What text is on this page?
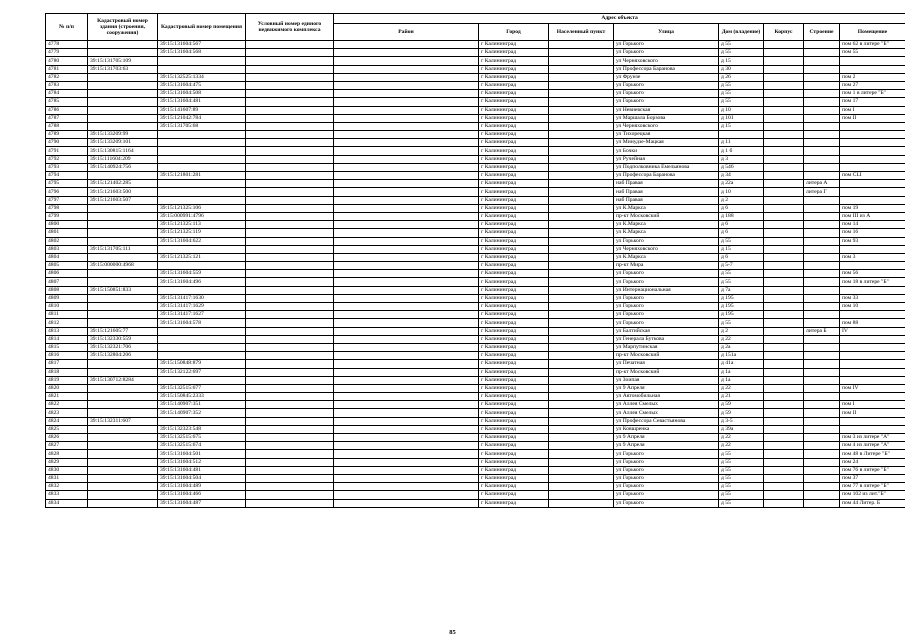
№ п/п	Кадастровый номер здания (строения, сооружения)	Кадастровый номер помещения	Условный номер единого недвижимого комплекса	Адрес объекта							
				Район	Город	Населенный пункт	Улица	Дом (владение)	Корпус	Строение	Помещение
4778		39:15:131604:567			г Калининград		ул Горького	д 55			пом 62 в литере "Б"
4779		39:15:131604:568			г Калининград		ул Горького	д 55			пом 55
4780	39:15:131705:109				г Калининград		ул Черняховского	д 15			
4781	39:15:131703:63				г Калининград		ул Профессора Баранова	д 30			
4782		39:15:132525:1334			г Калининград		ул Фрунзе	д 26			пом 2
4783		39:15:131604:475			г Калининград		ул Горького	д 55			пом 27
4784		39:15:131604:508			г Калининград		ул Горького	д 55			пом 1 в литере "Б"
4785		39:15:131604:481			г Калининград		ул Горького	д 55			пом 17
4786		39:15:141607:89			г Калининград		ул Невиевская	д 10			пом I
4787		39:15:121042:784			г Калининград		ул Маршала Борзова	д 101			пом II
4788		39:15:131705:68			г Калининград		ул Черняховского	д 15			
4789	39:15:133209:99				г Калининград		ул Тихорецкая				
4790	39:15:133209:101				г Калининград		ул Минудзе-Мацкая	д 11			
4791	39:15:130815:1164				г Калининград		ул Бочки	д 1 б			
4792	39:15:111604:209				г Калининград		ул Ручейная	д 3			
4793	39:15:140924:756				г Калининград		ул Подполковника Емельянова	д 546			
4794		39:15:121801:281			г Калининград		ул Профессора Баранова	д 34			пом CLI
4795	39:15:121402:285				г Калининград		наб Правая	д 22а		литера А	
4796	39:15:121603:500				г Калининград		наб Правая	д 10		литера Г	
4797	39:15:121603:507				г Калининград		наб Правая	д 2			
4798		39:15:121325:106			г Калининград		ул К.Маркса	д 6			пом 19
4799		39:15:000991:4796			г Калининград		пр-кт Московский	д 188			пом III из А
4800		39:15:121325:113			г Калининград		ул К.Маркса	д 6			пом 14
4801		39:15:121325:119			г Калининград		ул К.Маркса	д 6			пом 16
4802		39:15:131604:622			г Калининград		ул Горького	д 55			пом 93
4803	39:15:131705:111				г Калининград		ул Черняховского	д 15			
4804		39:15:121325:121			г Калининград		ул К.Маркса	д 6			пом 3
4805	39:15:000000:4968				г Калининград		пр-кт Мира	д 5-7			
4806		39:15:131604:559			г Калининград		ул Горького	д 55			пом 56
4807		39:15:131604:496			г Калининград		ул Горького	д 55			пом 18 в литере "Б"
4808	39:15:150851:833				г Калининград		ул Интернациональная	д 7а			
4809		39:15:131417:1630			г Калининград		ул Горького	д 195			пом 33
4810		39:15:131417:1629			г Калининград		ул Горького	д 195			пом 10
4811		39:15:131417:1627			г Калининград		ул Горького	д 195			
4812		39:15:131604:578			г Калининград		ул Горького	д 55			пом 88
4813	39:15:121605:77				г Калининград		ул Балтийская	д 2		литера Б	IV
4814	39:15:132330:559				г Калининград		ул Генерала Буткова	д 22			
4815	39:15:132321:706				г Калининград		ул Марпутинская	д 2а			
4816	39:15:132804:206				г Калининград		пр-кт Московский	д 151а			
4817		39:15:150848:879			г Калининград		ул Печатная	д 41а			
4818		39:15:132122:697			г Калининград		пр-кт Московский	д 1а			
4819	39:15:130712:8284				г Калининград		ул Зоипая	д 1а			
4820		39:15:132515:677			г Калининград		ул 9 Апреля	д 22			пом IV
4821		39:15:150845:2333			г Калининград		ул Автомобильная	д 21			
4822		39:15:140907:351			г Калининград		ул Аллея Смелых	д 59			пом I
4823		39:15:140907:352			г Калининград		ул Аллея Смелых	д 59			пом II
4824	39:15:132311:607				г Калининград		ул Профессора Севастьянова	д 3-5			
4825		39:15:132323:548			г Калининград		ул Ковшренка	д 39а			
4826		39:15:132515:675			г Калининград		ул 9 Апреля	д 22			пом 3 из литере "А"
4827		39:15:132515:674			г Калининград		ул 9 Апреля	д 22			пом 4 из литере "А"
4828		39:15:131604:501			г Калининград		ул Горького	д 55			пом 48 в Литере "Б"
4829		39:15:131604:512			г Калининград		ул Горького	д 55			пом 24
4830		39:15:131604:481			г Калининград		ул Горького	д 55			пом 76 в литере "Б"
4831		39:15:131604:504			г Калининград		ул Горького	д 55			пом 37
4832		39:15:131604:489			г Калининград		ул Горького	д 55			пом 77 в литере "Б"
4833		39:15:131604:466			г Калининград		ул Горького	д 55			пом 102 из лит."Б"
4834		39:15:131604:487			г Калининград		ул Горького	д 55			пом 44 Литер. Б
85
